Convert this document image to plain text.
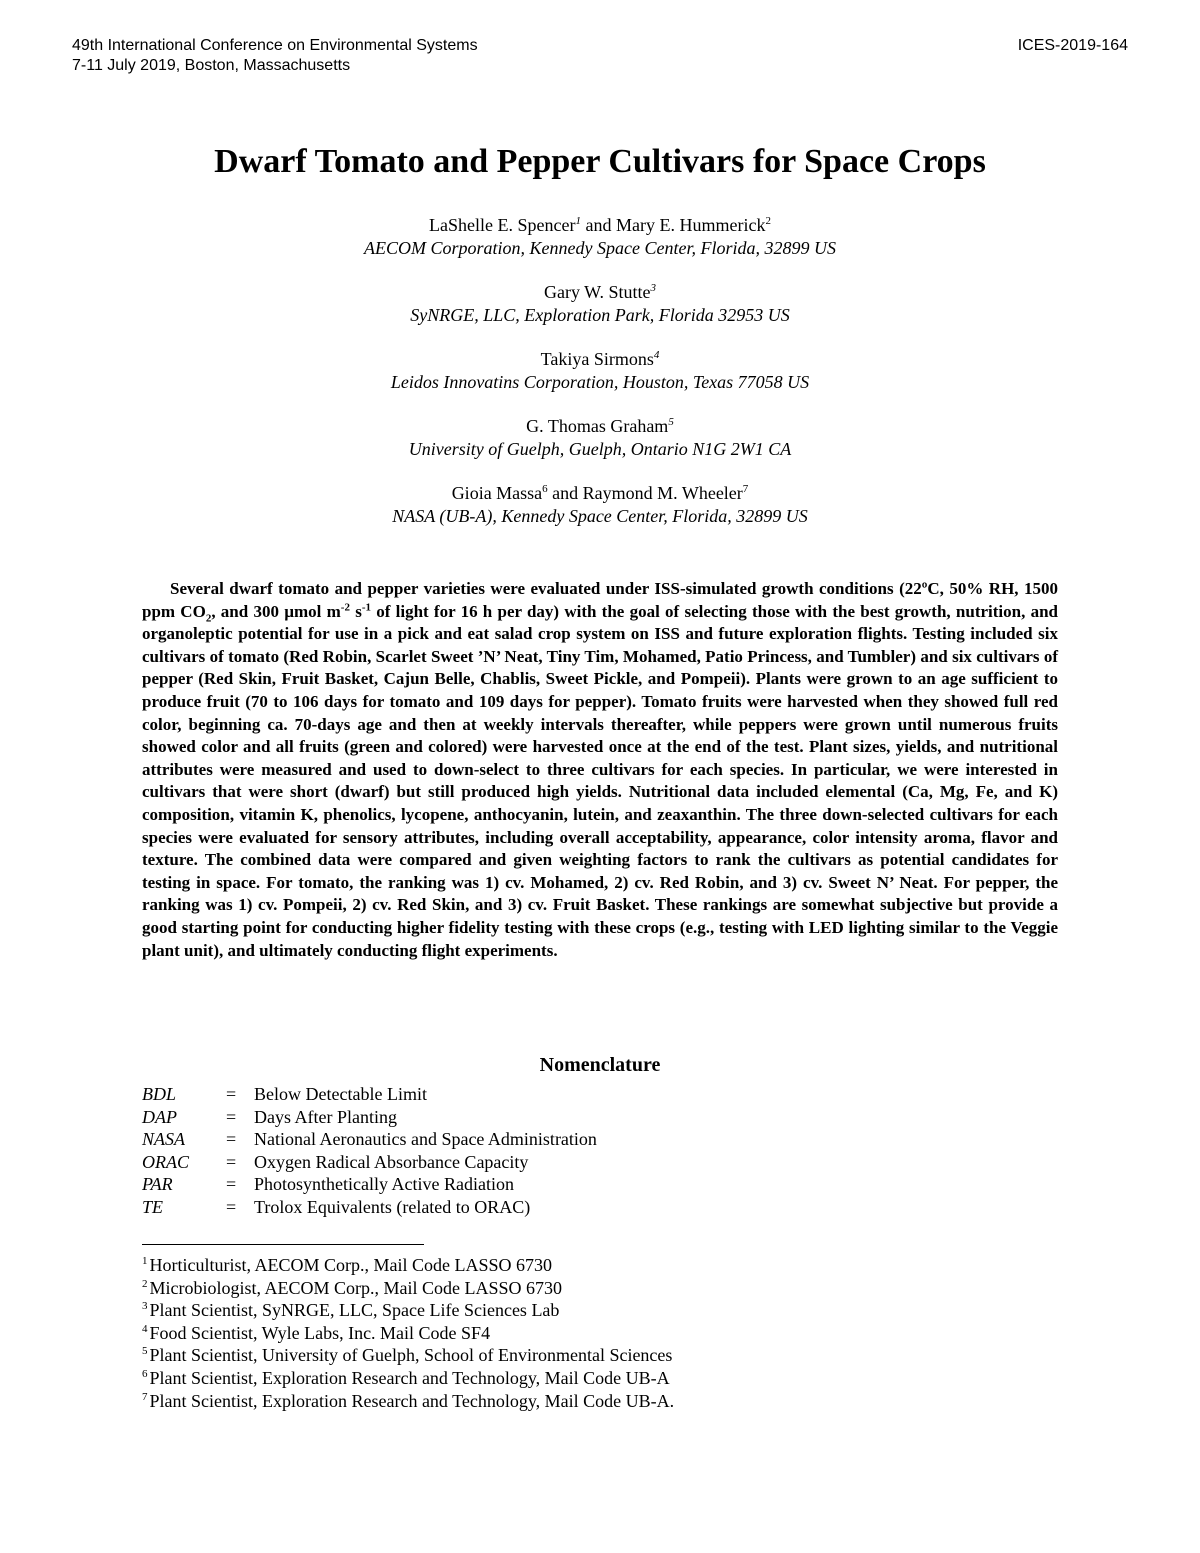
49th International Conference on Environmental Systems
7-11 July 2019, Boston, Massachusetts
ICES-2019-164
Dwarf Tomato and Pepper Cultivars for Space Crops
LaShelle E. Spencer$^1$ and Mary E. Hummerick$^2$
AECOM Corporation, Kennedy Space Center, Florida, 32899 US
Gary W. Stutte$^3$
SyNRGE, LLC, Exploration Park, Florida 32953 US
Takiya Sirmons$^4$
Leidos Innovatins Corporation, Houston, Texas 77058 US
G. Thomas Graham$^5$
University of Guelph, Guelph, Ontario N1G 2W1 CA
Gioia Massa$^6$ and Raymond M. Wheeler$^7$
NASA (UB-A), Kennedy Space Center, Florida, 32899 US

Several dwarf tomato and pepper varieties were evaluated under ISS-simulated growth conditions (22ºC, 50% RH, 1500 ppm $CO_2$, and 300 µmol $m^{-2}$ $s^{-1}$ of light for 16 h per day) with the goal of selecting those with the best growth, nutrition, and organoleptic potential for use in a pick and eat salad crop system on ISS and future exploration flights. Testing included six cultivars of tomato (Red Robin, Scarlet Sweet ’N’ Neat, Tiny Tim, Mohamed, Patio Princess, and Tumbler) and six cultivars of pepper (Red Skin, Fruit Basket, Cajun Belle, Chablis, Sweet Pickle, and Pompeii). Plants were grown to an age sufficient to produce fruit (70 to 106 days for tomato and 109 days for pepper). Tomato fruits were harvested when they showed full red color, beginning ca. 70-days age and then at weekly intervals thereafter, while peppers were grown until numerous fruits showed color and all fruits (green and colored) were harvested once at the end of the test. Plant sizes, yields, and nutritional attributes were measured and used to down-select to three cultivars for each species. In particular, we were interested in cultivars that were short (dwarf) but still produced high yields. Nutritional data included elemental (Ca, Mg, Fe, and K) composition, vitamin K, phenolics, lycopene, anthocyanin, lutein, and zeaxanthin. The three down-selected cultivars for each species were evaluated for sensory attributes, including overall acceptability, appearance, color intensity aroma, flavor and texture. The combined data were compared and given weighting factors to rank the cultivars as potential candidates for testing in space. For tomato, the ranking was 1) cv. Mohamed, 2) cv. Red Robin, and 3) cv. Sweet N’ Neat. For pepper, the ranking was 1) cv. Pompeii, 2) cv. Red Skin, and 3) cv. Fruit Basket. These rankings are somewhat subjective but provide a good starting point for conducting higher fidelity testing with these crops (e.g., testing with LED lighting similar to the Veggie plant unit), and ultimately conducting flight experiments.

Nomenclature
BDL	= Below Detectable Limit
DAP	= Days After Planting
NASA	= National Aeronautics and Space Administration
ORAC	= Oxygen Radical Absorbance Capacity
PAR	= Photosynthetically Active Radiation
TE	= Trolox Equivalents (related to ORAC)
$^1$ Horticulturist, AECOM Corp., Mail Code LASSO 6730
$^2$ Microbiologist, AECOM Corp., Mail Code LASSO 6730
$^3$ Plant Scientist, SyNRGE, LLC, Space Life Sciences Lab
$^4$ Food Scientist, Wyle Labs, Inc. Mail Code SF4
$^5$ Plant Scientist, University of Guelph, School of Environmental Sciences
$^6$ Plant Scientist, Exploration Research and Technology, Mail Code UB-A
$^7$ Plant Scientist, Exploration Research and Technology, Mail Code UB-A.
